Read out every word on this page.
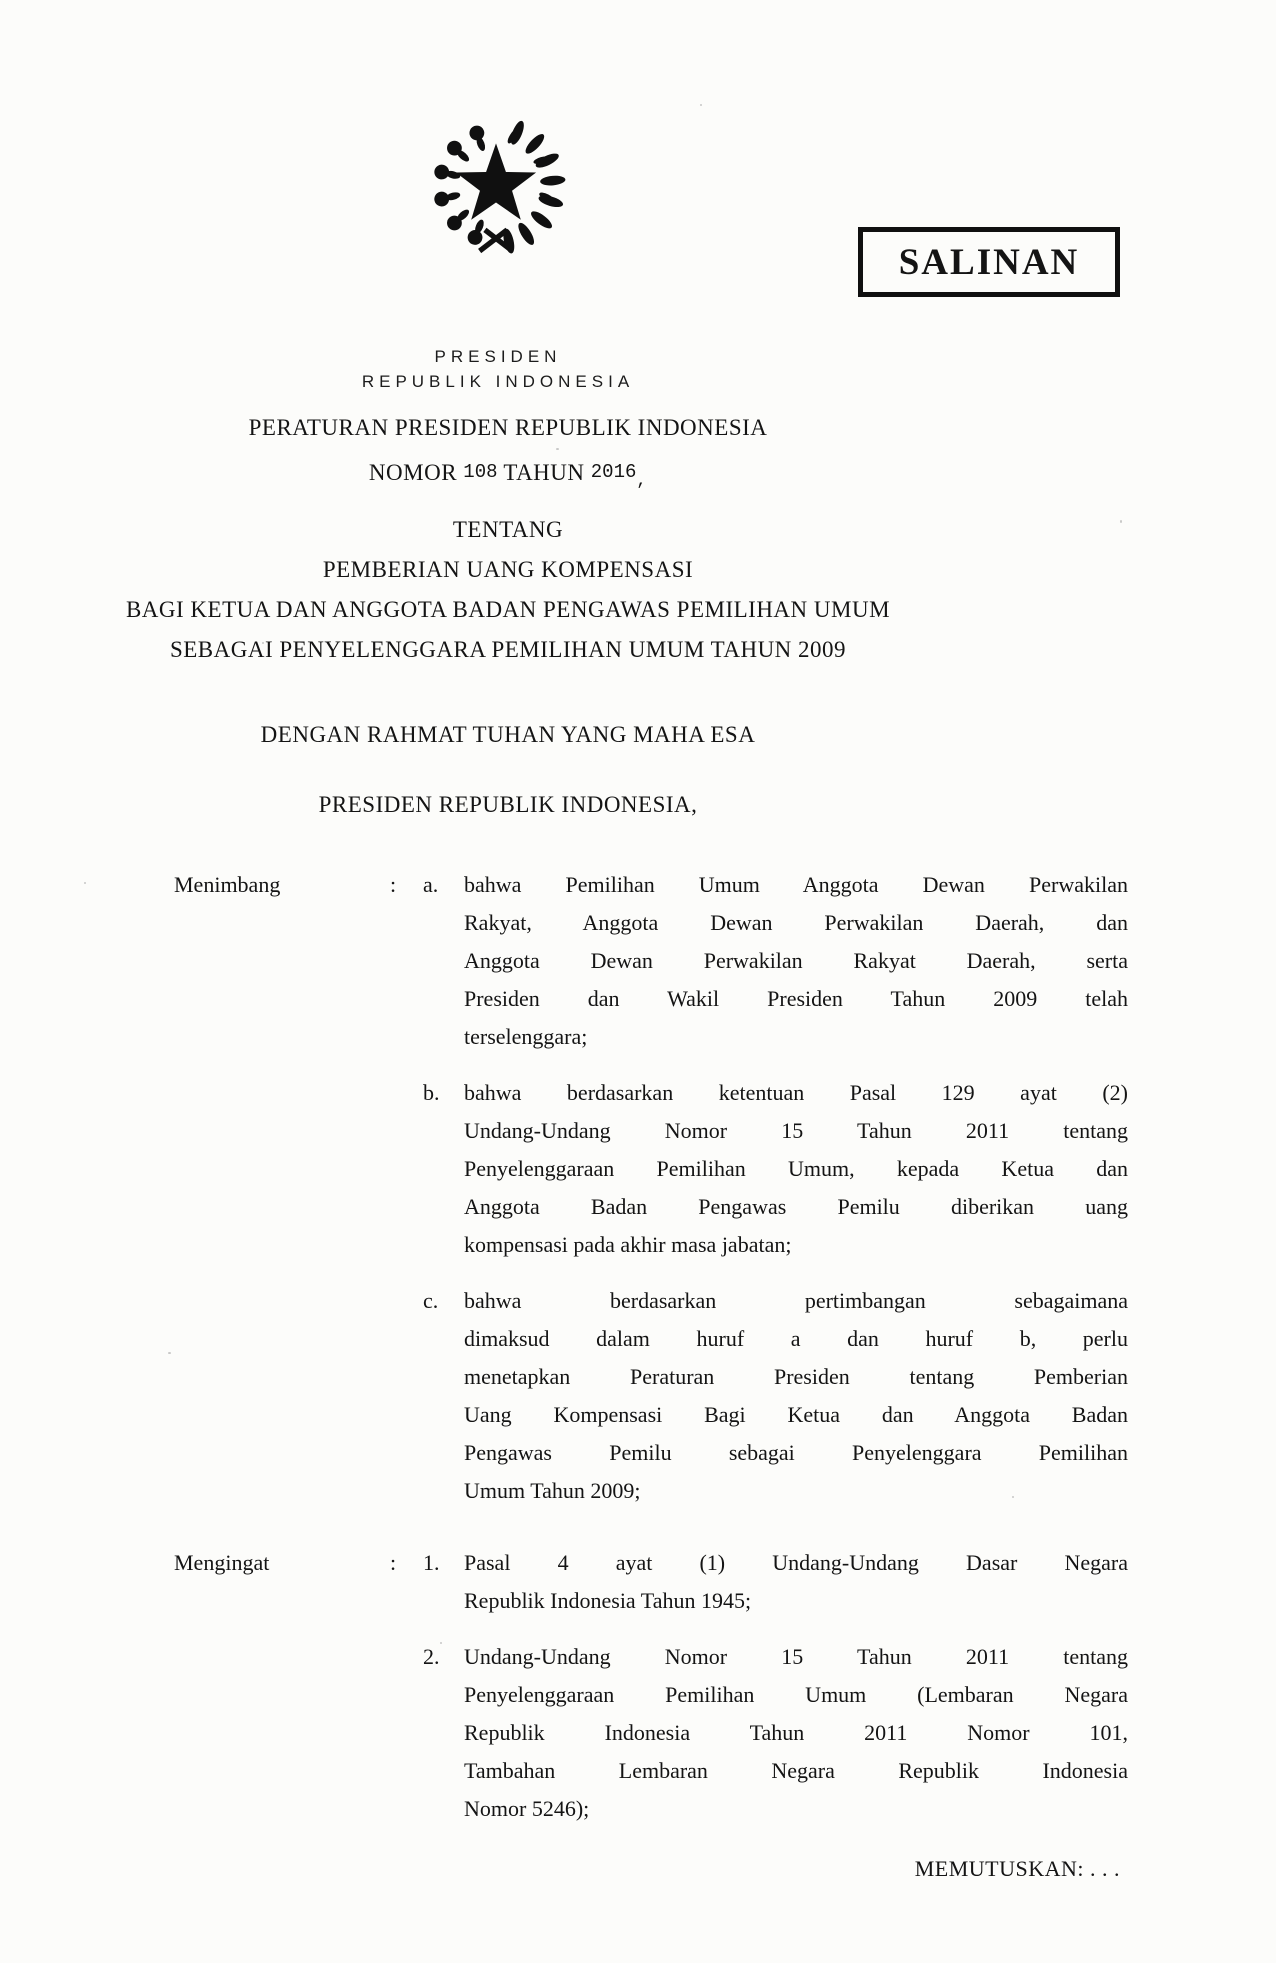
SALINAN
PRESIDEN
REPUBLIK INDONESIA
PERATURAN PRESIDEN REPUBLIK INDONESIA
NOMOR 108 TAHUN $2016_,$
TENTANG
PEMBERIAN UANG KOMPENSASI
BAGI KETUA DAN ANGGOTA BADAN PENGAWAS PEMILIHAN UMUM
SEBAGAI PENYELENGGARA PEMILIHAN UMUM TAHUN 2009
DENGAN RAHMAT TUHAN YANG MAHA ESA
PRESIDEN REPUBLIK INDONESIA,
Menimbang	: a.	bahwa Pemilihan Umum Anggota Dewan Perwakilan
Rakyat, Anggota Dewan Perwakilan Daerah, dan
Anggota Dewan Perwakilan Rakyat Daerah, serta
Presiden dan Wakil Presiden Tahun 2009 telah
terselenggara;
b.	bahwa berdasarkan ketentuan Pasal 129 ayat (2)
Undang-Undang Nomor 15 Tahun 2011 tentang
Penyelenggaraan Pemilihan Umum, kepada Ketua dan
Anggota Badan Pengawas Pemilu diberikan uang
kompensasi pada akhir masa jabatan;
c.	bahwa berdasarkan pertimbangan sebagaimana
dimaksud dalam huruf a dan huruf b, perlu
menetapkan Peraturan Presiden tentang Pemberian
Uang Kompensasi Bagi Ketua dan Anggota Badan
Pengawas Pemilu sebagai Penyelenggara Pemilihan
Umum Tahun 2009;
Mengingat	: 1.	Pasal 4 ayat (1) Undang-Undang Dasar Negara
Republik Indonesia Tahun 1945;
2.	Undang-Undang Nomor 15 Tahun 2011 tentang
Penyelenggaraan Pemilihan Umum (Lembaran Negara
Republik Indonesia Tahun 2011 Nomor 101,
Tambahan Lembaran Negara Republik Indonesia
Nomor 5246);
MEMUTUSKAN: . . .
